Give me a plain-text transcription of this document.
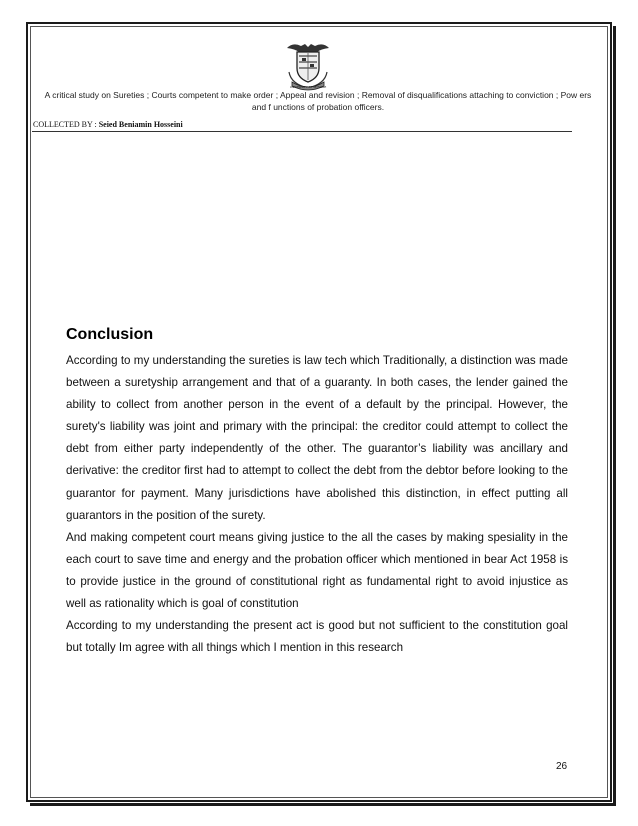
UNIVERSITY OF MYSORE
A critical study on Sureties ; Courts competent to make order ; Appeal and revision ; Removal of disqualifications attaching to conviction ; Pow ers and f unctions of probation officers.
COLLECTED BY : Seied Beniamin Hosseini
Conclusion

According to my understanding the sureties is law tech which Traditionally, a distinction was made between a suretyship arrangement and that of a guaranty. In both cases, the lender gained the ability to collect from another person in the event of a default by the principal. However, the surety's liability was joint and primary with the principal: the creditor could attempt to collect the debt from either party independently of the other. The guarantor’s liability was ancillary and derivative: the creditor first had to attempt to collect the debt from the debtor before looking to the guarantor for payment. Many jurisdictions have abolished this distinction, in effect putting all guarantors in the position of the surety.

And making competent court means giving justice to the all the cases by making spesiality in the each court to save time and energy and the probation officer which mentioned in bear Act 1958 is to provide justice in the ground of constitutional right as fundamental right to avoid injustice as well as rationality which is goal of constitution

According to my understanding the present act is good but not sufficient to the constitution goal but totally Im agree with all things which I mention in this research

26
